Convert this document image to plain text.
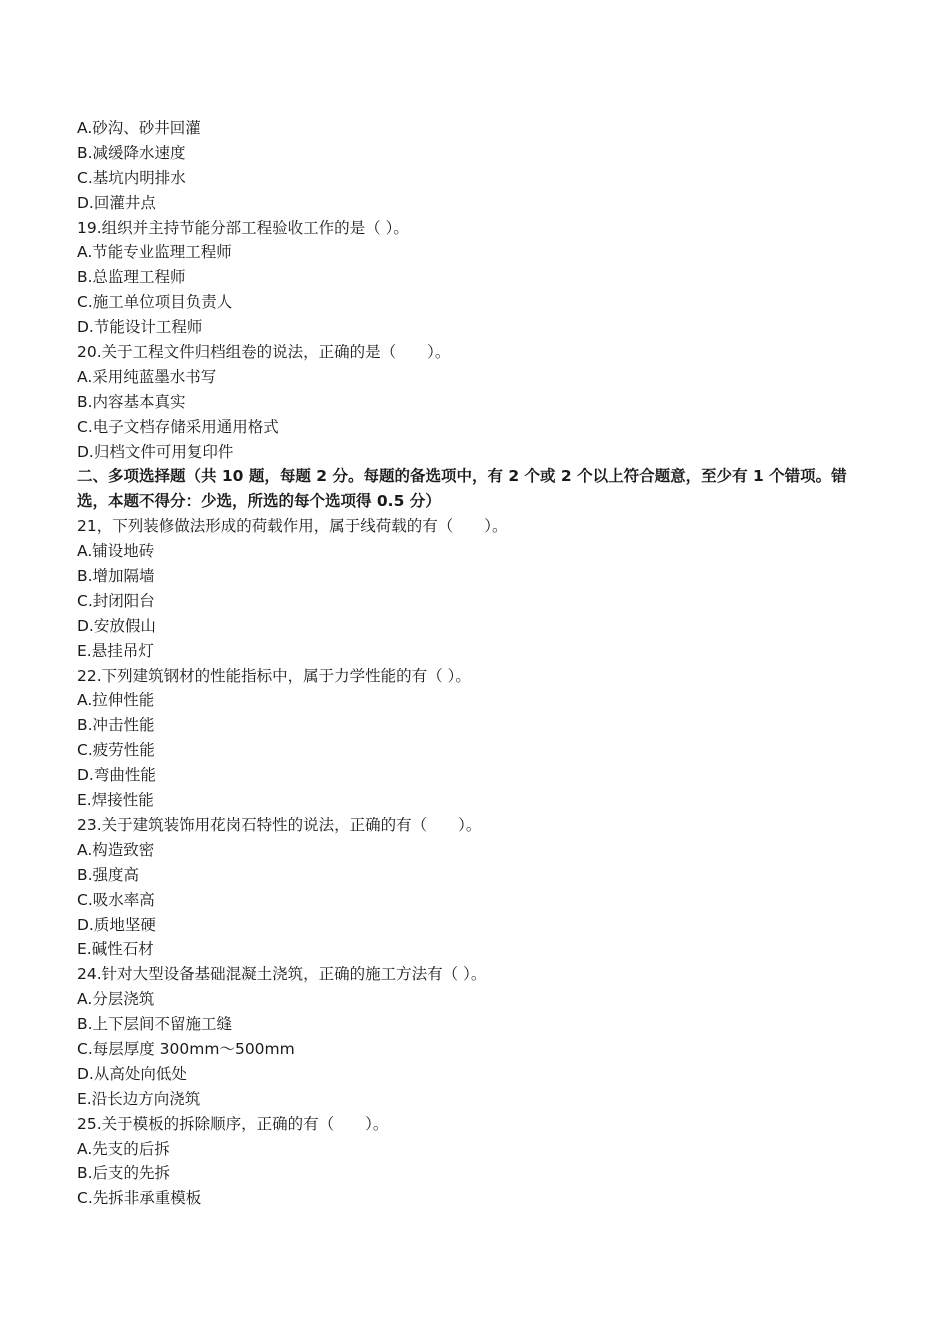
A.砂沟、砂井回灌
B.减缓降水速度
C.基坑内明排水
D.回灌井点
19.组织并主持节能分部工程验收工作的是（ ）。
A.节能专业监理工程师
B.总监理工程师
C.施工单位项目负责人
D.节能设计工程师
20.关于工程文件归档组卷的说法，正确的是（　　）。
A.采用纯蓝墨水书写
B.内容基本真实
C.电子文档存储采用通用格式
D.归档文件可用复印件
二、多项选择题（共 10 题，每题 2 分。每题的备选项中，有 2 个或 2 个以上符合题意，至少有 1 个错项。错
选，本题不得分：少选，所选的每个选项得 0.5 分）
21，下列装修做法形成的荷载作用，属于线荷载的有（　　）。
A.铺设地砖
B.增加隔墙
C.封闭阳台
D.安放假山
E.悬挂吊灯
22.下列建筑钢材的性能指标中，属于力学性能的有（ ）。
A.拉伸性能
B.冲击性能
C.疲劳性能
D.弯曲性能
E.焊接性能
23.关于建筑装饰用花岗石特性的说法，正确的有（　　）。
A.构造致密
B.强度高
C.吸水率高
D.质地坚硬
E.碱性石材
24.针对大型设备基础混凝土浇筑，正确的施工方法有（ ）。
A.分层浇筑
B.上下层间不留施工缝
C.每层厚度 300mm～500mm
D.从高处向低处
E.沿长边方向浇筑
25.关于模板的拆除顺序，正确的有（　　）。
A.先支的后拆
B.后支的先拆
C.先拆非承重模板
